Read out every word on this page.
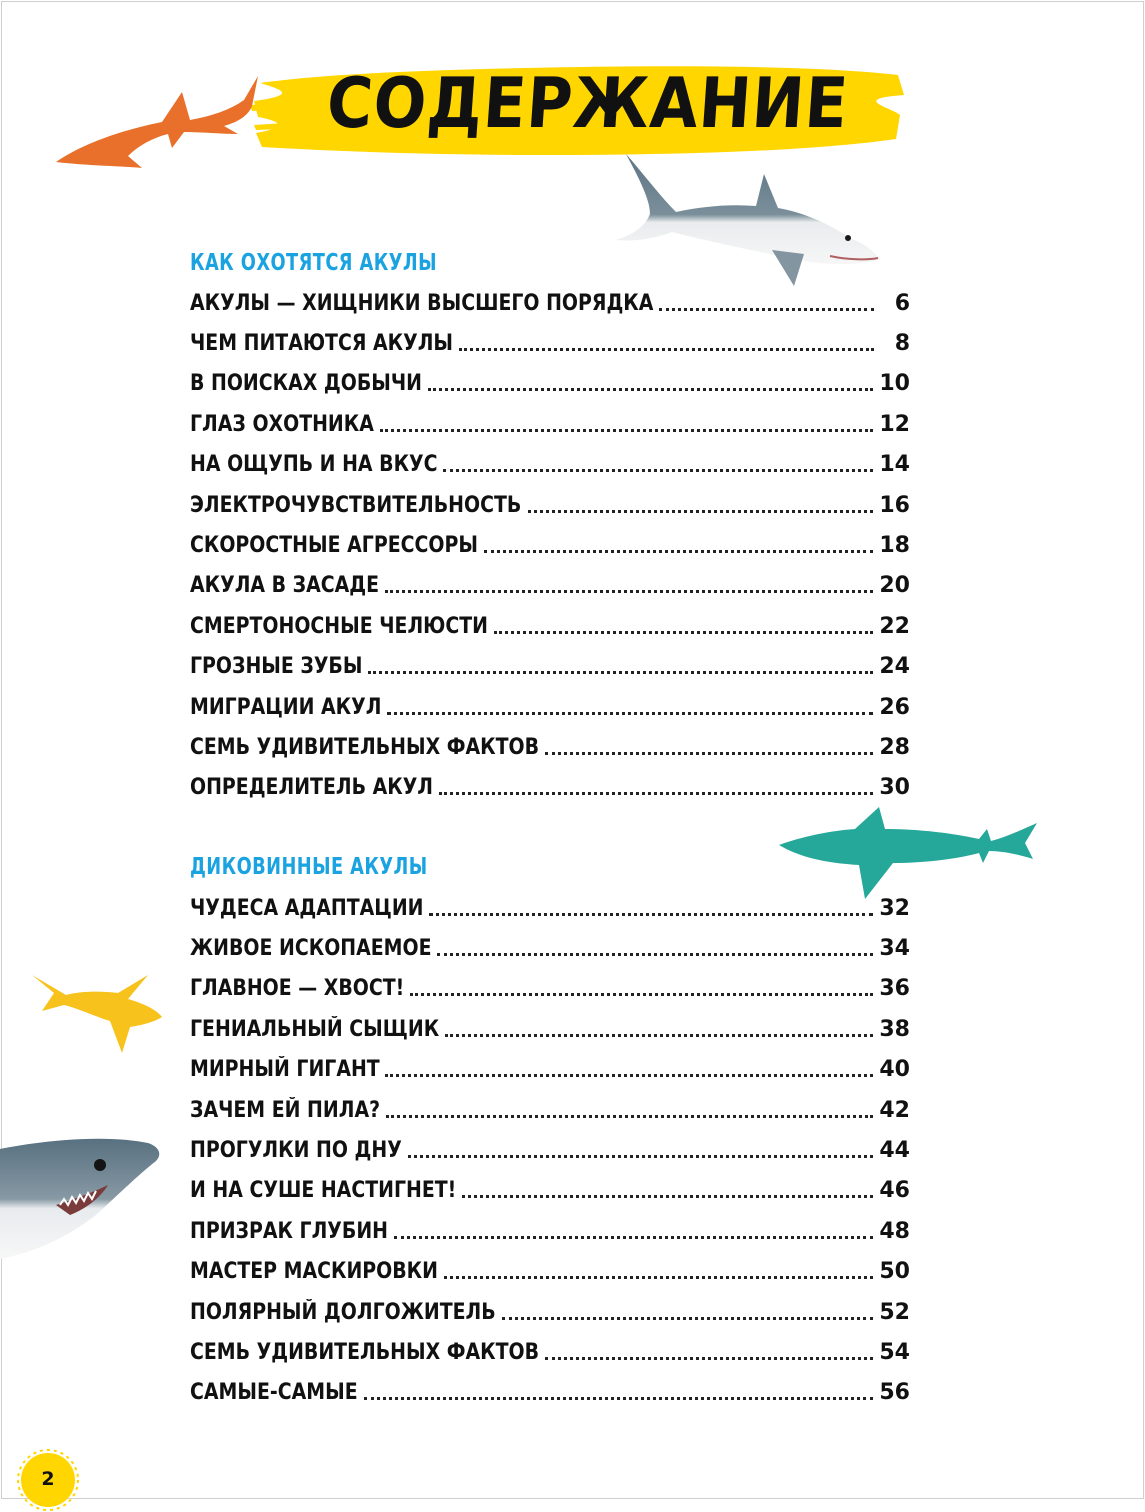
СОДЕРЖАНИЕ
КАК ОХОТЯТСЯ АКУЛЫ
АКУЛЫ — ХИЩНИКИ ВЫСШЕГО ПОРЯДКА	6
ЧЕМ ПИТАЮТСЯ АКУЛЫ	8
В ПОИСКАХ ДОБЫЧИ	10
ГЛАЗ ОХОТНИКА	12
НА ОЩУПЬ И НА ВКУС	14
ЭЛЕКТРОЧУВСТВИТЕЛЬНОСТЬ	16
СКОРОСТНЫЕ АГРЕССОРЫ	18
АКУЛА В ЗАСАДЕ	20
СМЕРТОНОСНЫЕ ЧЕЛЮСТИ	22
ГРОЗНЫЕ ЗУБЫ	24
МИГРАЦИИ АКУЛ	26
СЕМЬ УДИВИТЕЛЬНЫХ ФАКТОВ	28
ОПРЕДЕЛИТЕЛЬ АКУЛ	30
ДИКОВИННЫЕ АКУЛЫ
ЧУДЕСА АДАПТАЦИИ	32
ЖИВОЕ ИСКОПАЕМОЕ	34
ГЛАВНОЕ — ХВОСТ!	36
ГЕНИАЛЬНЫЙ СЫЩИК	38
МИРНЫЙ ГИГАНТ	40
ЗАЧЕМ ЕЙ ПИЛА?	42
ПРОГУЛКИ ПО ДНУ	44
И НА СУШЕ НАСТИГНЕТ!	46
ПРИЗРАК ГЛУБИН	48
МАСТЕР МАСКИРОВКИ	50
ПОЛЯРНЫЙ ДОЛГОЖИТЕЛЬ	52
СЕМЬ УДИВИТЕЛЬНЫХ ФАКТОВ	54
САМЫЕ-САМЫЕ	56
2
